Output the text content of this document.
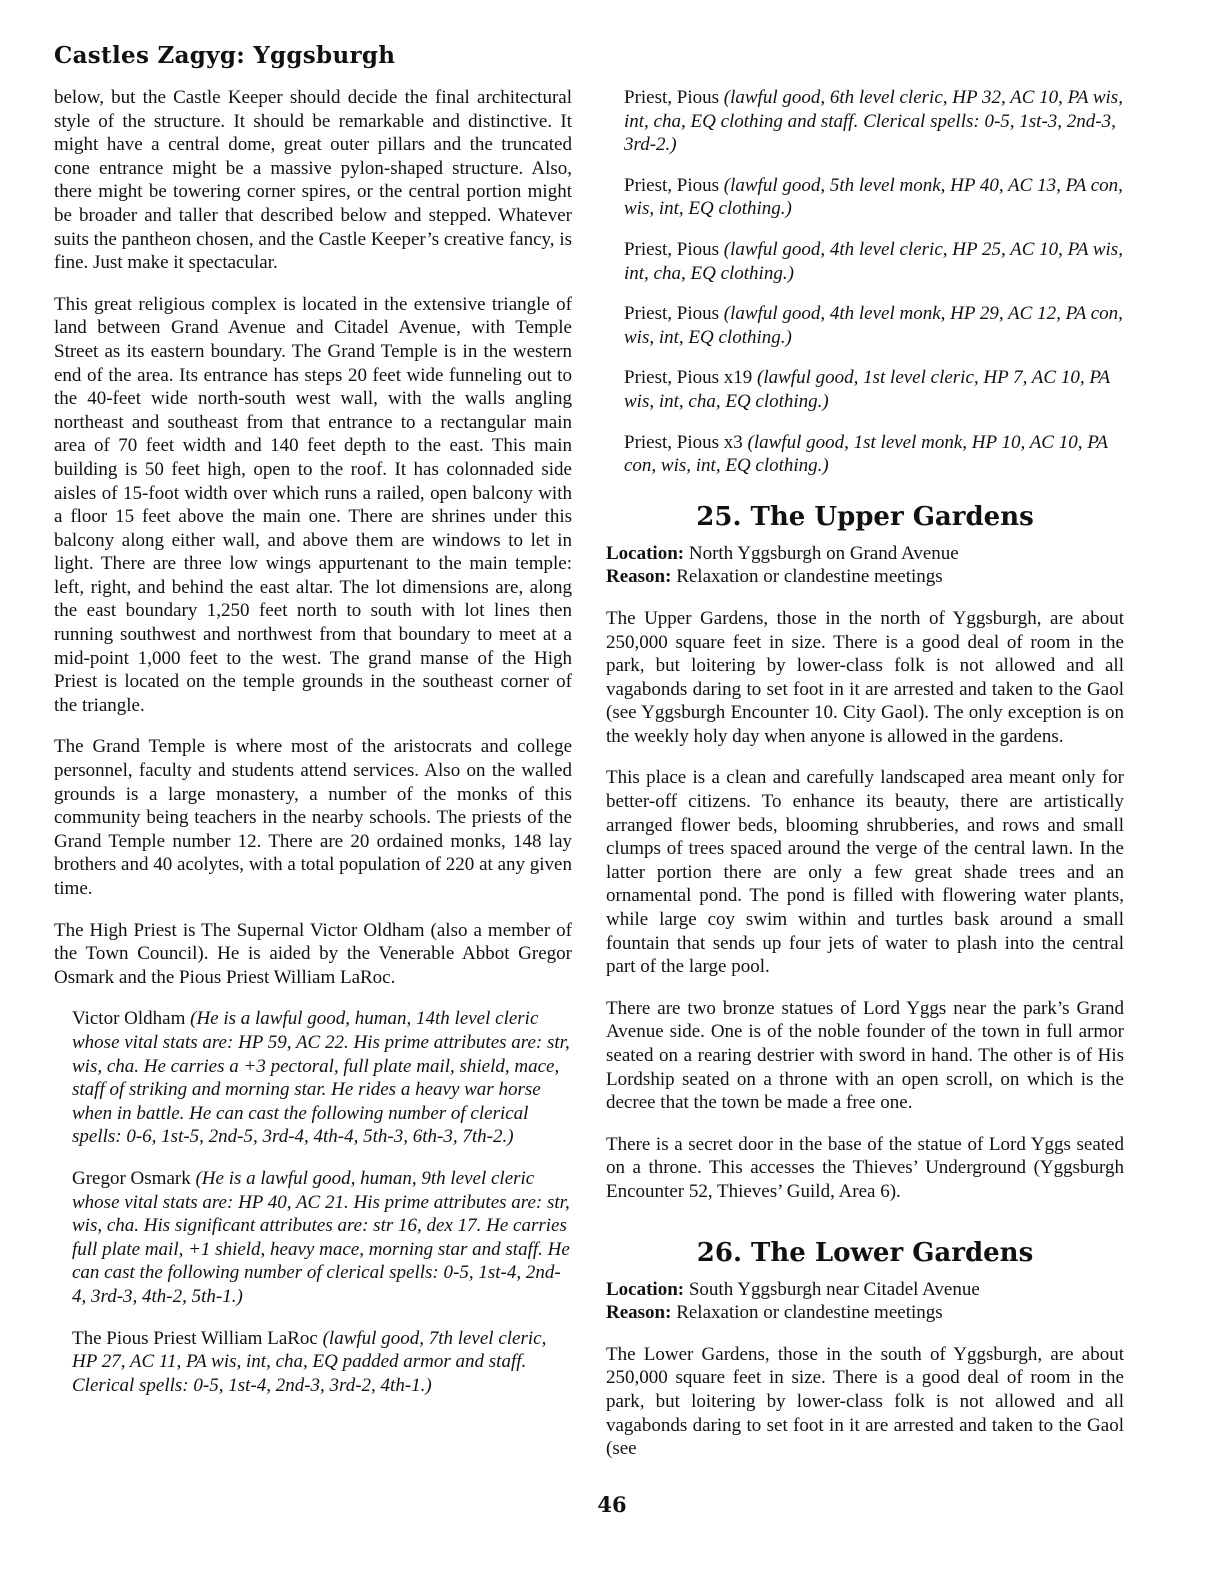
Castles Zagyg: Yggsburgh

below, but the Castle Keeper should decide the final architectural style of the structure. It should be remarkable and distinctive. It might have a central dome, great outer pillars and the truncated cone entrance might be a massive pylon-shaped structure. Also, there might be towering corner spires, or the central portion might be broader and taller that described below and stepped. Whatever suits the pantheon chosen, and the Castle Keeper’s creative fancy, is fine. Just make it spectacular.

This great religious complex is located in the extensive triangle of land between Grand Avenue and Citadel Avenue, with Temple Street as its eastern boundary. The Grand Temple is in the western end of the area. Its entrance has steps 20 feet wide funneling out to the 40-feet wide north-south west wall, with the walls angling northeast and southeast from that entrance to a rectangular main area of 70 feet width and 140 feet depth to the east. This main building is 50 feet high, open to the roof. It has colonnaded side aisles of 15-foot width over which runs a railed, open balcony with a floor 15 feet above the main one. There are shrines under this balcony along either wall, and above them are windows to let in light. There are three low wings appurtenant to the main temple: left, right, and behind the east altar. The lot dimensions are, along the east boundary 1,250 feet north to south with lot lines then running southwest and northwest from that boundary to meet at a mid-point 1,000 feet to the west. The grand manse of the High Priest is located on the temple grounds in the southeast corner of the triangle.

The Grand Temple is where most of the aristocrats and college personnel, faculty and students attend services. Also on the walled grounds is a large monastery, a number of the monks of this community being teachers in the nearby schools. The priests of the Grand Temple number 12. There are 20 ordained monks, 148 lay brothers and 40 acolytes, with a total population of 220 at any given time.

The High Priest is The Supernal Victor Oldham (also a member of the Town Council). He is aided by the Venerable Abbot Gregor Osmark and the Pious Priest William LaRoc.

Victor Oldham (He is a lawful good, human, 14th level cleric whose vital stats are: HP 59, AC 22. His prime attributes are: str, wis, cha. He carries a +3 pectoral, full plate mail, shield, mace, staff of striking and morning star. He rides a heavy war horse when in battle. He can cast the following number of clerical spells: 0-6, 1st-5, 2nd-5, 3rd-4, 4th-4, 5th-3, 6th-3, 7th-2.)
Gregor Osmark (He is a lawful good, human, 9th level cleric whose vital stats are: HP 40, AC 21. His prime attributes are: str, wis, cha. His significant attributes are: str 16, dex 17. He carries full plate mail, +1 shield, heavy mace, morning star and staff. He can cast the following number of clerical spells: 0-5, 1st-4, 2nd-4, 3rd-3, 4th-2, 5th-1.)
The Pious Priest William LaRoc (lawful good, 7th level cleric, HP 27, AC 11, PA wis, int, cha, EQ padded armor and staff. Clerical spells: 0-5, 1st-4, 2nd-3, 3rd-2, 4th-1.)
Priest, Pious (lawful good, 6th level cleric, HP 32, AC 10, PA wis, int, cha, EQ clothing and staff. Clerical spells: 0-5, 1st-3, 2nd-3, 3rd-2.)
Priest, Pious (lawful good, 5th level monk, HP 40, AC 13, PA con, wis, int, EQ clothing.)
Priest, Pious (lawful good, 4th level cleric, HP 25, AC 10, PA wis, int, cha, EQ clothing.)
Priest, Pious (lawful good, 4th level monk, HP 29, AC 12, PA con, wis, int, EQ clothing.)
Priest, Pious x19 (lawful good, 1st level cleric, HP 7, AC 10, PA wis, int, cha, EQ clothing.)
Priest, Pious x3 (lawful good, 1st level monk, HP 10, AC 10, PA con, wis, int, EQ clothing.)
25. The Upper Gardens

Location: North Yggsburgh on Grand Avenue

Reason: Relaxation or clandestine meetings

The Upper Gardens, those in the north of Yggsburgh, are about 250,000 square feet in size. There is a good deal of room in the park, but loitering by lower-class folk is not allowed and all vagabonds daring to set foot in it are arrested and taken to the Gaol (see Yggsburgh Encounter 10. City Gaol). The only exception is on the weekly holy day when anyone is allowed in the gardens.

This place is a clean and carefully landscaped area meant only for better-off citizens. To enhance its beauty, there are artistically arranged flower beds, blooming shrubberies, and rows and small clumps of trees spaced around the verge of the central lawn. In the latter portion there are only a few great shade trees and an ornamental pond. The pond is filled with flowering water plants, while large coy swim within and turtles bask around a small fountain that sends up four jets of water to plash into the central part of the large pool.

There are two bronze statues of Lord Yggs near the park’s Grand Avenue side. One is of the noble founder of the town in full armor seated on a rearing destrier with sword in hand. The other is of His Lordship seated on a throne with an open scroll, on which is the decree that the town be made a free one.

There is a secret door in the base of the statue of Lord Yggs seated on a throne. This accesses the Thieves’ Underground (Yggsburgh Encounter 52, Thieves’ Guild, Area 6).

26. The Lower Gardens

Location: South Yggsburgh near Citadel Avenue

Reason: Relaxation or clandestine meetings

The Lower Gardens, those in the south of Yggsburgh, are about 250,000 square feet in size. There is a good deal of room in the park, but loitering by lower-class folk is not allowed and all vagabonds daring to set foot in it are arrested and taken to the Gaol (see

46
